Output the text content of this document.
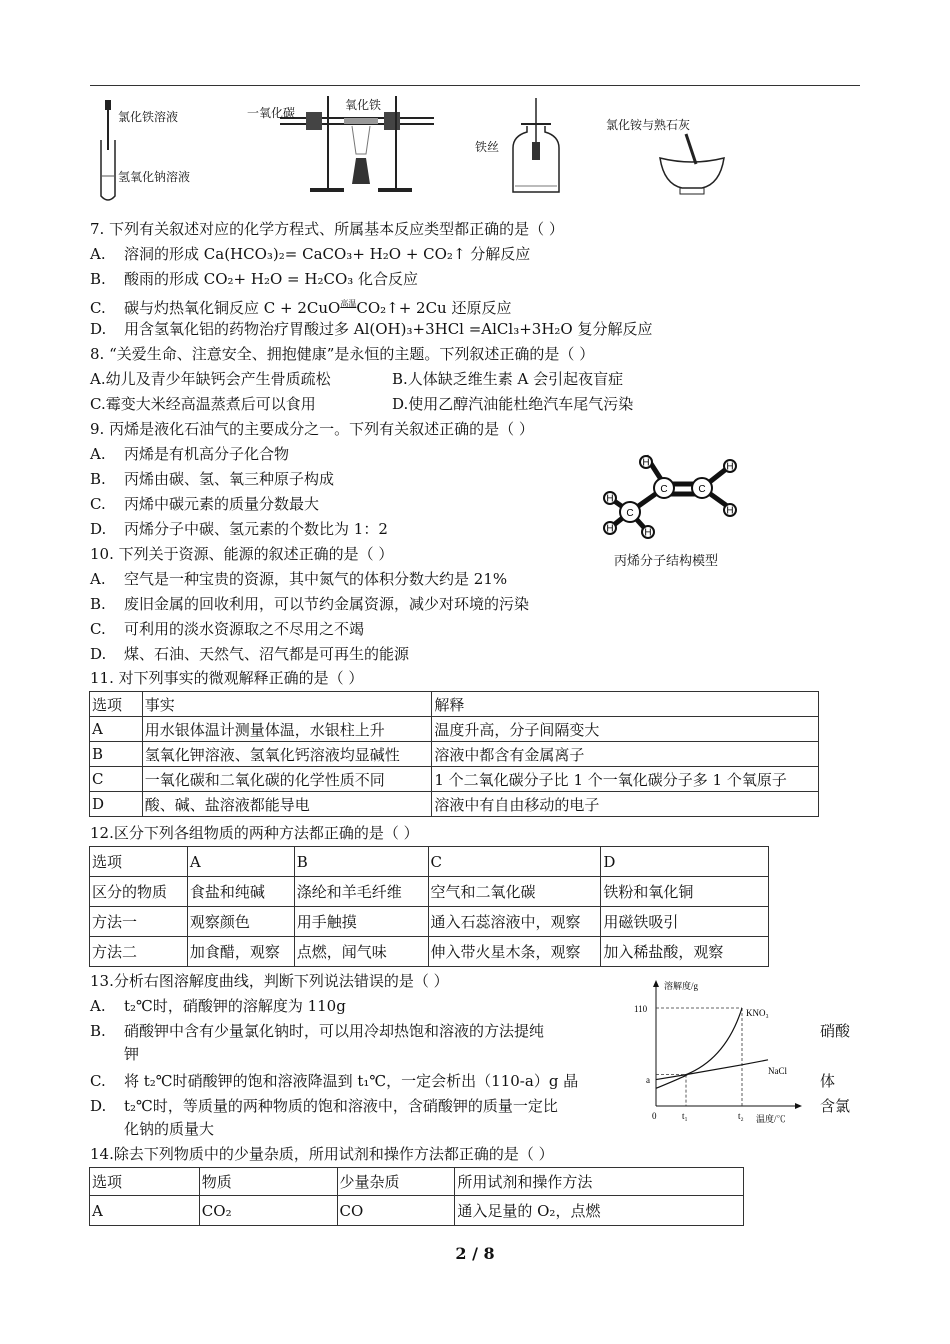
氯化铁溶液
氢氧化钠溶液
一氧化碳
氧化铁
铁丝
氯化铵与熟石灰
7. 下列有关叙述对应的化学方程式、所属基本反应类型都正确的是（ ）
A. 溶洞的形成 Ca(HCO₃)₂= CaCO₃+ H₂O + CO₂↑ 分解反应
B. 酸雨的形成 CO₂+ H₂O = H₂CO₃ 化合反应
C. 碳与灼热氧化铜反应 C + 2CuO$^{高温}$CO₂↑+ 2Cu 还原反应
D. 用含氢氧化铝的药物治疗胃酸过多 Al(OH)₃+3HCl =AlCl₃+3H₂O 复分解反应
8. “关爱生命、注意安全、拥抱健康”是永恒的主题。下列叙述正确的是（ ）
A.幼儿及青少年缺钙会产生骨质疏松	B.人体缺乏维生素 A 会引起夜盲症
C.霉变大米经高温蒸煮后可以食用	D.使用乙醇汽油能杜绝汽车尾气污染
9. 丙烯是液化石油气的主要成分之一。下列有关叙述正确的是（ ）
A. 丙烯是有机高分子化合物
B. 丙烯由碳、氢、氧三种原子构成
C. 丙烯中碳元素的质量分数最大
D. 丙烯分子中碳、氢元素的个数比为 1：2
H	H
H
H
H	H
C	C
C
丙烯分子结构模型
10. 下列关于资源、能源的叙述正确的是（ ）
A. 空气是一种宝贵的资源，其中氮气的体积分数大约是 21%
B. 废旧金属的回收利用，可以节约金属资源，减少对环境的污染
C. 可利用的淡水资源取之不尽用之不竭
D. 煤、石油、天然气、沼气都是可再生的能源
11. 对下列事实的微观解释正确的是（ ）
选项	事实	解释
A	用水银体温计测量体温，水银柱上升	温度升高，分子间隔变大
B	氢氧化钾溶液、氢氧化钙溶液均显碱性	溶液中都含有金属离子
C	一氧化碳和二氧化碳的化学性质不同	1 个二氧化碳分子比 1 个一氧化碳分子多 1 个氧原子
D	酸、碱、盐溶液都能导电	溶液中有自由移动的电子
12.区分下列各组物质的两种方法都正确的是（ ）
选项	A	B	C	D
区分的物质	食盐和纯碱	涤纶和羊毛纤维	空气和二氧化碳	铁粉和氧化铜
方法一	观察颜色	用手触摸	通入石蕊溶液中，观察	用磁铁吸引
方法二	加食醋，观察	点燃，闻气味	伸入带火星木条，观察	加入稀盐酸，观察
13.分析右图溶解度曲线，判断下列说法错误的是（ ）
A. t₂℃时，硝酸钾的溶解度为 110g
B. 硝酸钾中含有少量氯化钠时，可以用冷却热饱和溶液的方法提纯
钾
硝酸
C. 将 t₂℃时硝酸钾的饱和溶液降温到 t₁℃，一定会析出（110-a）g 晶	体
D. t₂℃时，等质量的两种物质的饱和溶液中，含硝酸钾的质量一定比
化钠的质量大
含氯
溶解度/g
温度/℃
110
a
0	t₁	t₂
KNO₃
NaCl
14.除去下列物质中的少量杂质，所用试剂和操作方法都正确的是（ ）
选项	物质	少量杂质	所用试剂和操作方法
A	CO₂	CO	通入足量的 O₂，点燃
2 / 8
